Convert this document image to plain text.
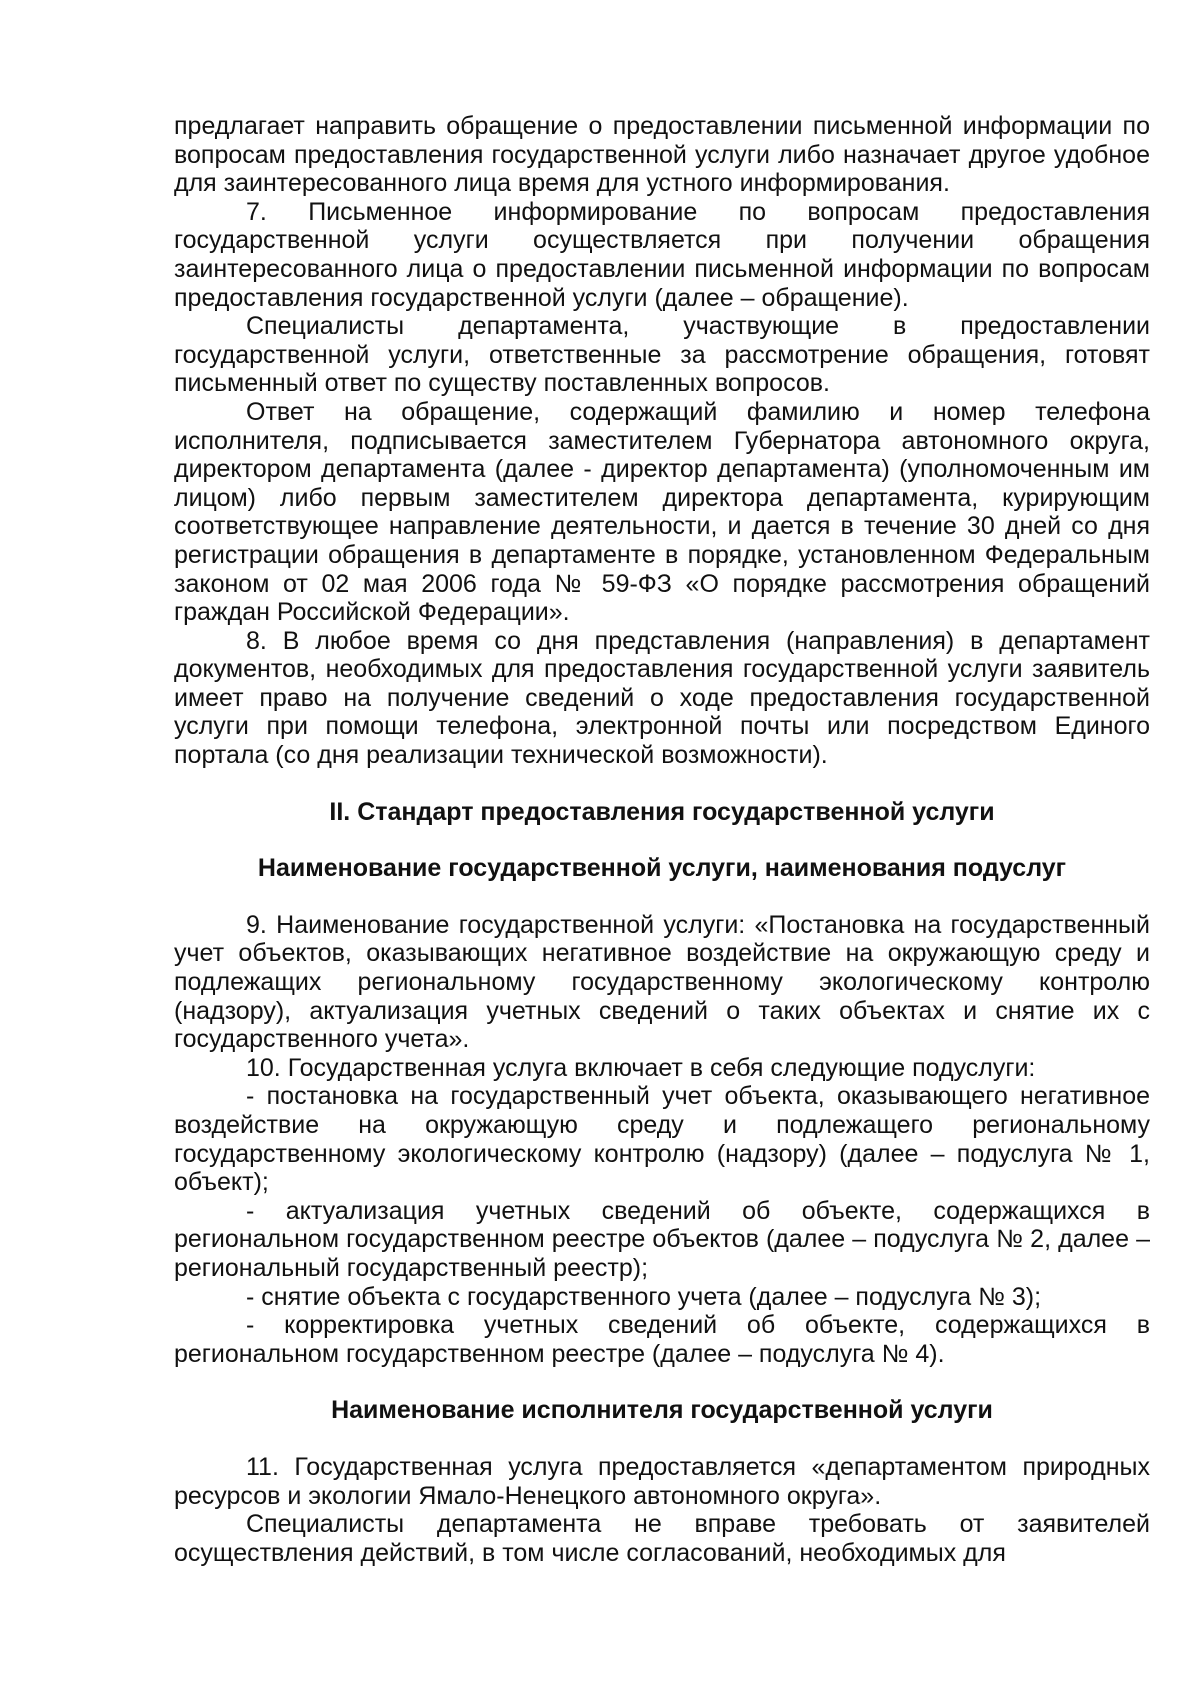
предлагает направить обращение о предоставлении письменной информации по вопросам предоставления государственной услуги либо назначает другое удобное для заинтересованного лица время для устного информирования.

7. Письменное информирование по вопросам предоставления государственной услуги осуществляется при получении обращения заинтересованного лица о предоставлении письменной информации по вопросам предоставления государственной услуги (далее – обращение).

Специалисты департамента, участвующие в предоставлении государственной услуги, ответственные за рассмотрение обращения, готовят письменный ответ по существу поставленных вопросов.

Ответ на обращение, содержащий фамилию и номер телефона исполнителя, подписывается заместителем Губернатора автономного округа, директором департамента (далее - директор департамента) (уполномоченным им лицом) либо первым заместителем директора департамента, курирующим соответствующее направление деятельности, и дается в течение 30 дней со дня регистрации обращения в департаменте в порядке, установленном Федеральным законом от 02 мая 2006 года № 59-ФЗ «О порядке рассмотрения обращений граждан Российской Федерации».

8. В любое время со дня представления (направления) в департамент документов, необходимых для предоставления государственной услуги заявитель имеет право на получение сведений о ходе предоставления государственной услуги при помощи телефона, электронной почты или посредством Единого портала (со дня реализации технической возможности).

II. Стандарт предоставления государственной услуги

Наименование государственной услуги, наименования подуслуг

9. Наименование государственной услуги: «Постановка на государственный учет объектов, оказывающих негативное воздействие на окружающую среду и подлежащих региональному государственному экологическому контролю (надзору), актуализация учетных сведений о таких объектах и снятие их с государственного учета».

10. Государственная услуга включает в себя следующие подуслуги:

- постановка на государственный учет объекта, оказывающего негативное воздействие на окружающую среду и подлежащего региональному государственному экологическому контролю (надзору) (далее – подуслуга № 1, объект);

- актуализация учетных сведений об объекте, содержащихся в региональном государственном реестре объектов (далее – подуслуга № 2, далее – региональный государственный реестр);

- снятие объекта с государственного учета (далее – подуслуга № 3);

- корректировка учетных сведений об объекте, содержащихся в региональном государственном реестре (далее – подуслуга № 4).

Наименование исполнителя государственной услуги

11. Государственная услуга предоставляется «департаментом природных ресурсов и экологии Ямало-Ненецкого автономного округа».

Специалисты департамента не вправе требовать от заявителей осуществления действий, в том числе согласований, необходимых для
